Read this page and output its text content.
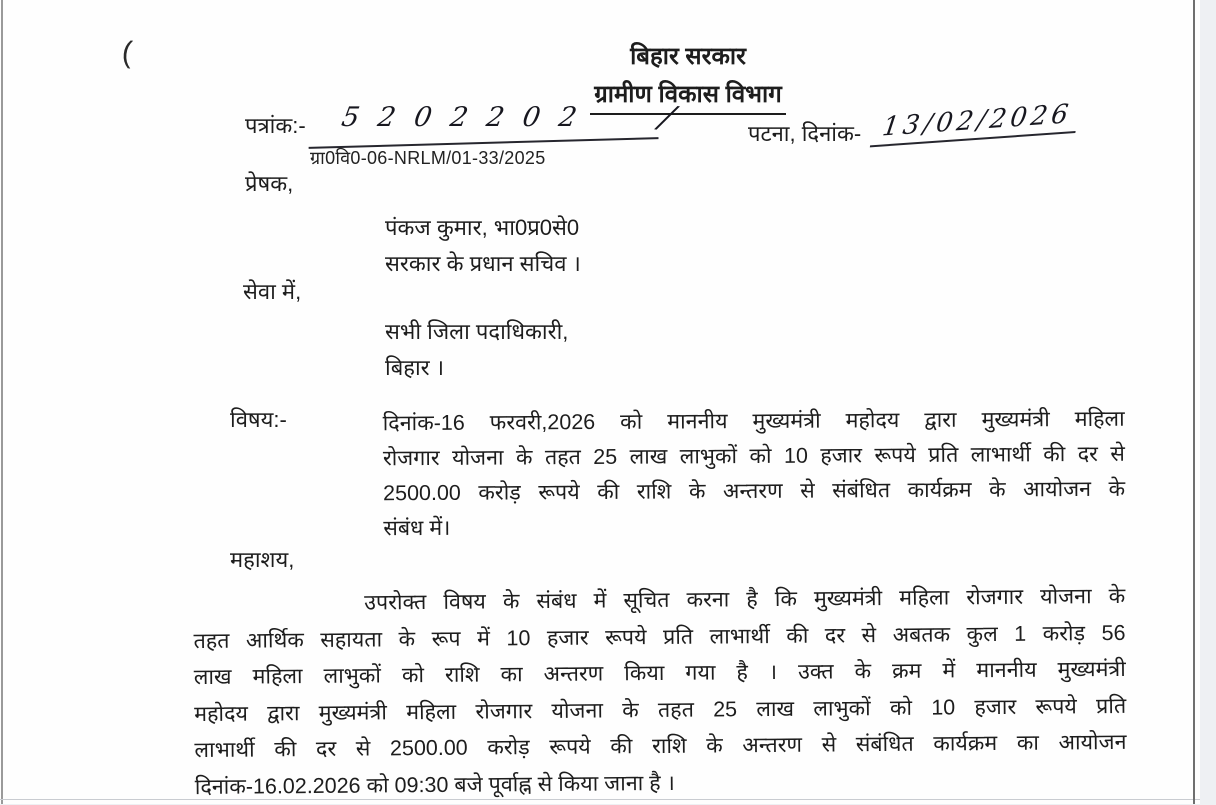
(	बिहार सरकार
ग्रामीण विकास विभाग
पत्रांक:- 5202202 /
ग्रा0वि0-06-NRLM/01-33/2025
पटना, दिनांक- 13/02/2026
प्रेषक,
पंकज कुमार, भा0प्र0से0
सरकार के प्रधान सचिव ।
सेवा में,
सभी जिला पदाधिकारी,
बिहार ।
विषय:-	दिनांक-16 फरवरी,2026 को माननीय मुख्यमंत्री महोदय द्वारा मुख्यमंत्री महिला
रोजगार योजना के तहत 25 लाख लाभुकों को 10 हजार रूपये प्रति लाभार्थी की दर से
2500.00 करोड़ रूपये की राशि के अन्तरण से संबंधित कार्यक्रम के आयोजन के
संबंध में।
महाशय,
उपरोक्त विषय के संबंध में सूचित करना है कि मुख्यमंत्री महिला रोजगार योजना के
तहत आर्थिक सहायता के रूप में 10 हजार रूपये प्रति लाभार्थी की दर से अबतक कुल 1 करोड़ 56
लाख महिला लाभुकों को राशि का अन्तरण किया गया है । उक्त के क्रम में माननीय मुख्यमंत्री
महोदय द्वारा मुख्यमंत्री महिला रोजगार योजना के तहत 25 लाख लाभुकों को 10 हजार रूपये प्रति
लाभार्थी की दर से 2500.00 करोड़ रूपये की राशि के अन्तरण से संबंधित कार्यक्रम का आयोजन
दिनांक-16.02.2026 को 09:30 बजे पूर्वाह्न से किया जाना है ।
